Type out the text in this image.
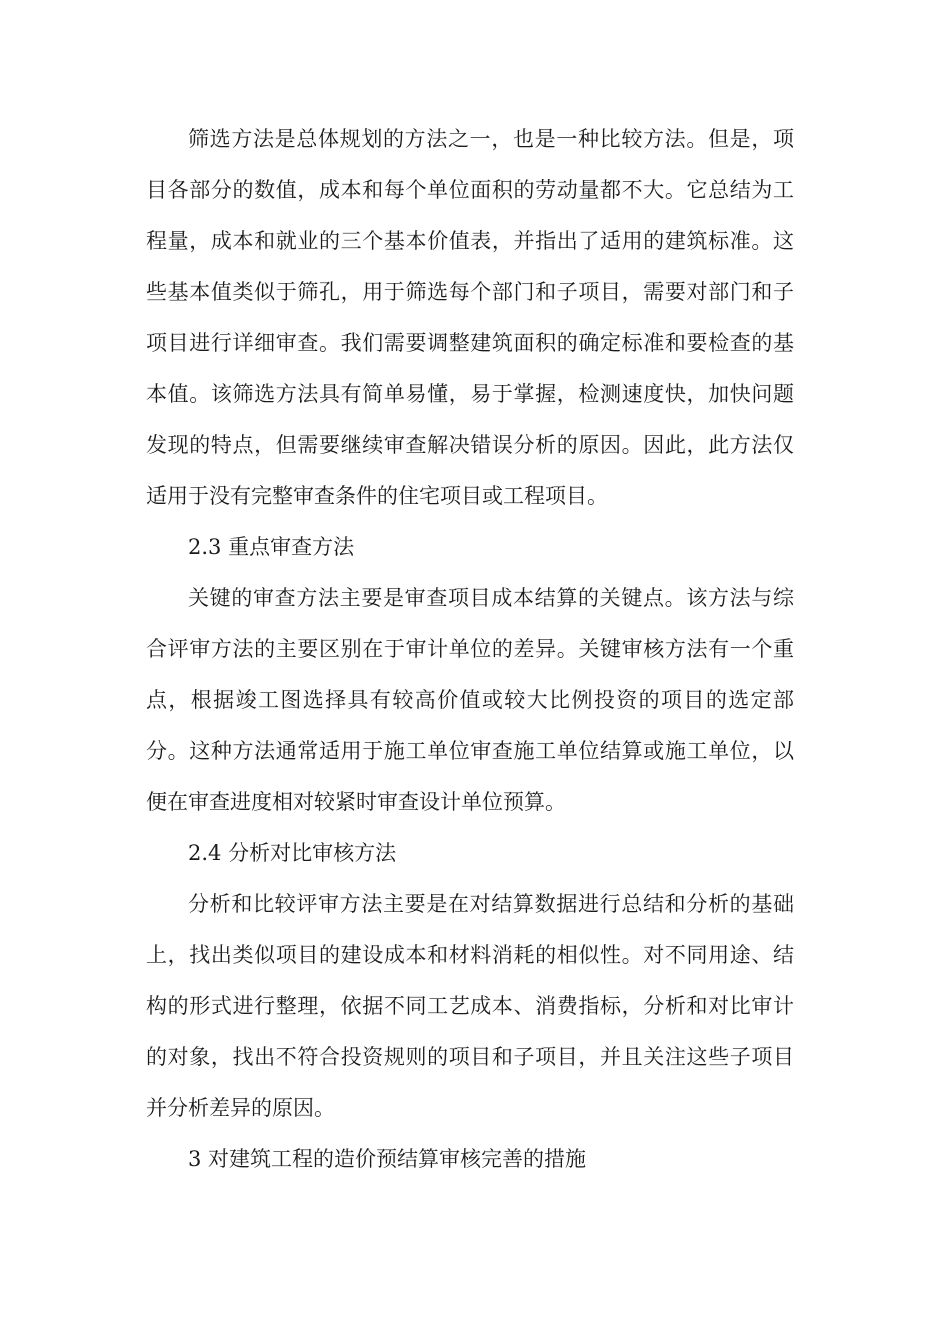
筛选方法是总体规划的方法之一，也是一种比较方法。但是，项目各部分的数值，成本和每个单位面积的劳动量都不大。它总结为工程量，成本和就业的三个基本价值表，并指出了适用的建筑标准。这些基本值类似于筛孔，用于筛选每个部门和子项目，需要对部门和子项目进行详细审查。我们需要调整建筑面积的确定标准和要检查的基本值。该筛选方法具有简单易懂，易于掌握，检测速度快，加快问题发现的特点，但需要继续审查解决错误分析的原因。因此，此方法仅适用于没有完整审查条件的住宅项目或工程项目。

2.3 重点审查方法

关键的审查方法主要是审查项目成本结算的关键点。该方法与综合评审方法的主要区别在于审计单位的差异。关键审核方法有一个重点，根据竣工图选择具有较高价值或较大比例投资的项目的选定部分。这种方法通常适用于施工单位审查施工单位结算或施工单位，以便在审查进度相对较紧时审查设计单位预算。

2.4 分析对比审核方法

分析和比较评审方法主要是在对结算数据进行总结和分析的基础上，找出类似项目的建设成本和材料消耗的相似性。对不同用途、结构的形式进行整理，依据不同工艺成本、消费指标，分析和对比审计的对象，找出不符合投资规则的项目和子项目，并且关注这些子项目并分析差异的原因。

3 对建筑工程的造价预结算审核完善的措施
